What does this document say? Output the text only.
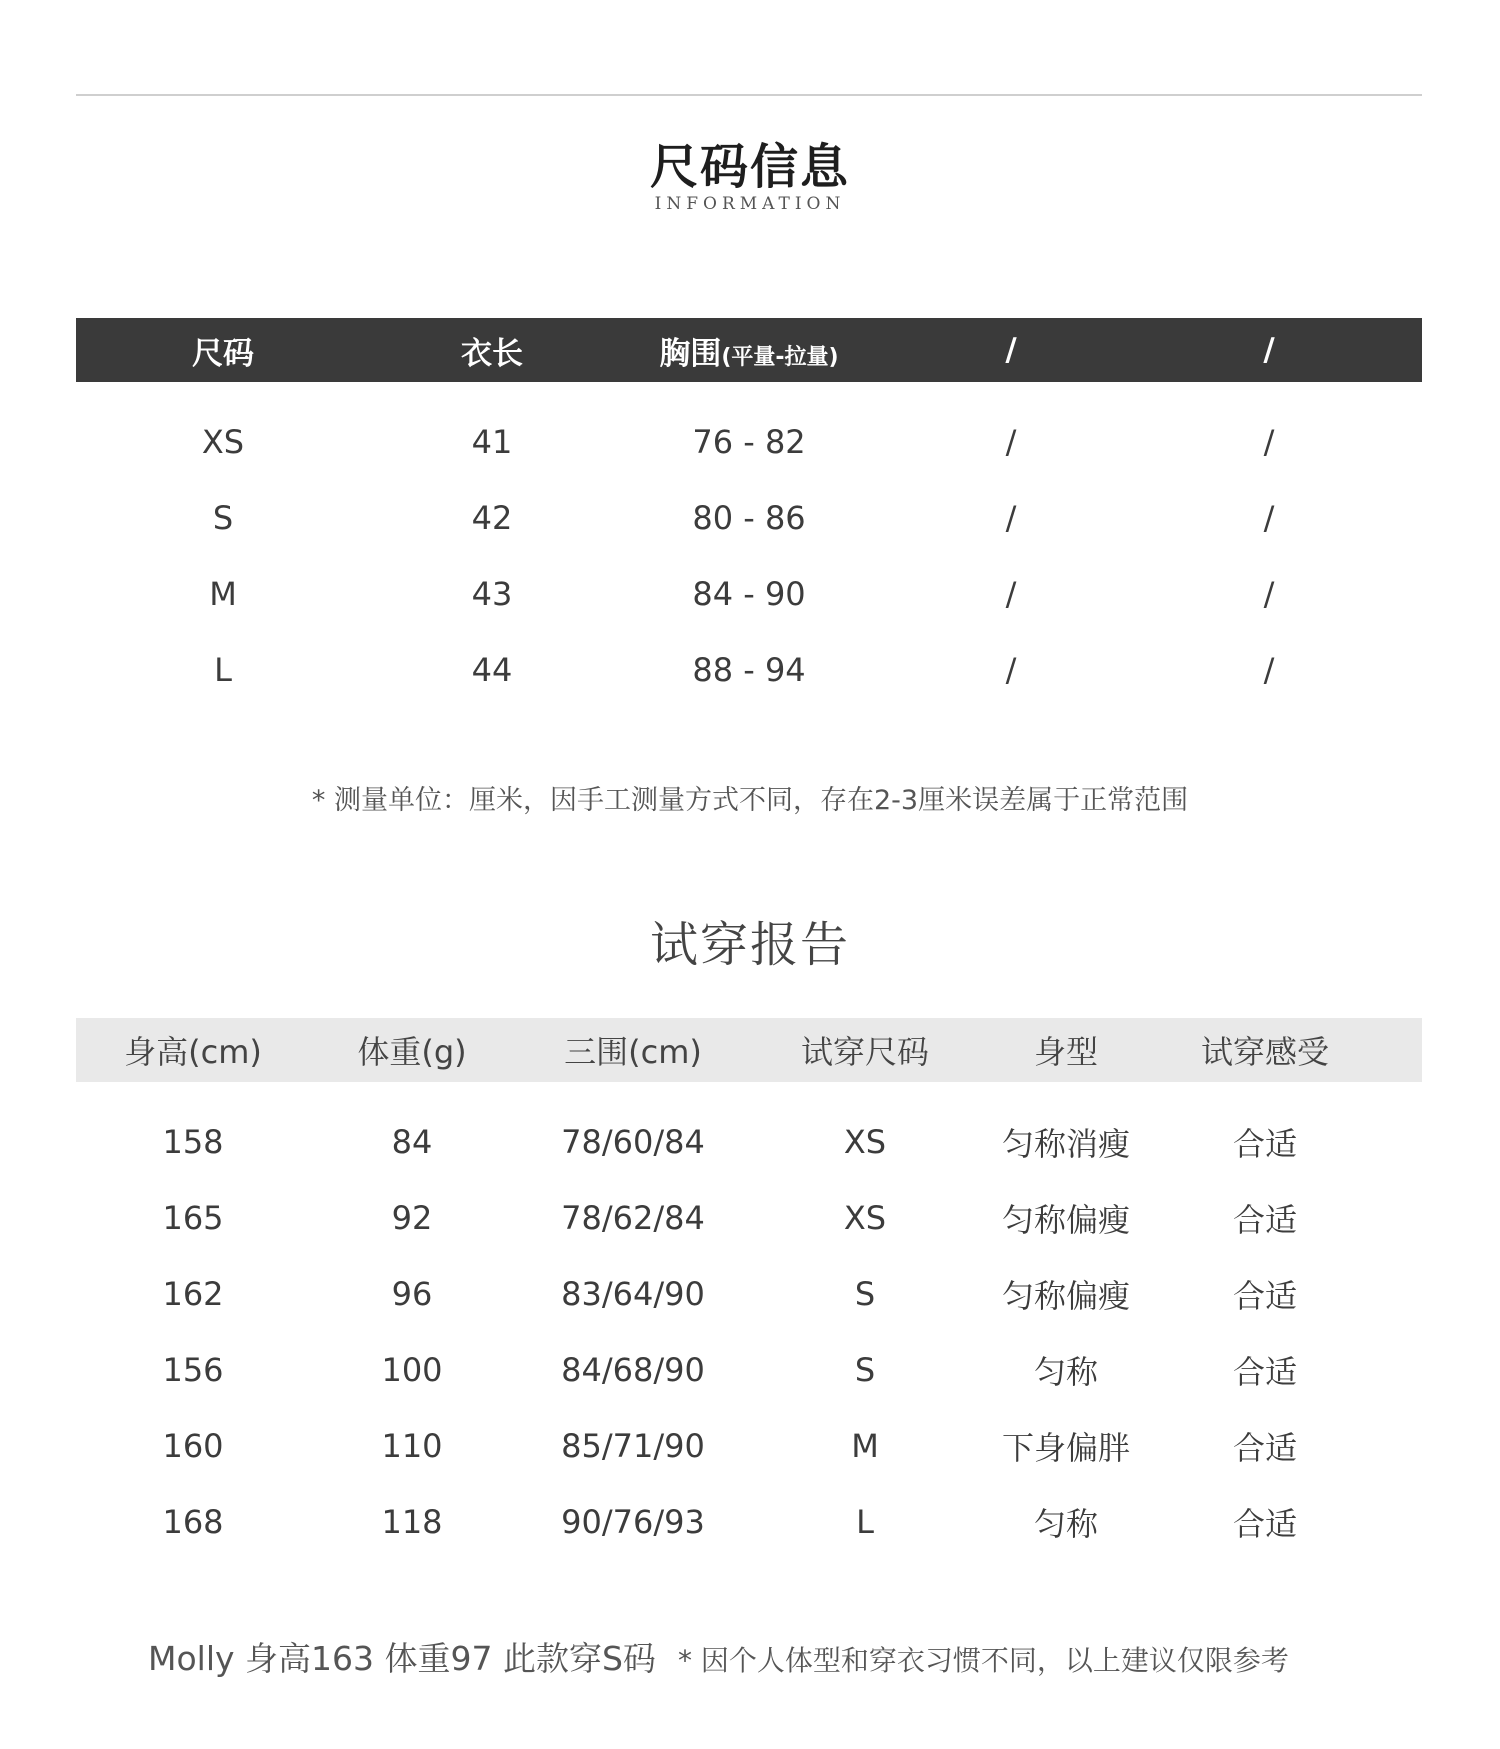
尺码信息
INFORMATION
尺码	衣长	胸围(平量-拉量)	/	/
XS	41	76 - 82	/	/
S	42	80 - 86	/	/
M	43	84 - 90	/	/
L	44	88 - 94	/	/
* 测量单位：厘米，因手工测量方式不同，存在2-3厘米误差属于正常范围
试穿报告
身高(cm)	体重(g)	三围(cm)	试穿尺码	身型	试穿感受
158	84	78/60/84	XS	匀称消瘦	合适
165	92	78/62/84	XS	匀称偏瘦	合适
162	96	83/64/90	S	匀称偏瘦	合适
156	100	84/68/90	S	匀称	合适
160	110	85/71/90	M	下身偏胖	合适
168	118	90/76/93	L	匀称	合适
Molly 身高163 体重97 此款穿S码 * 因个人体型和穿衣习惯不同，以上建议仅限参考
